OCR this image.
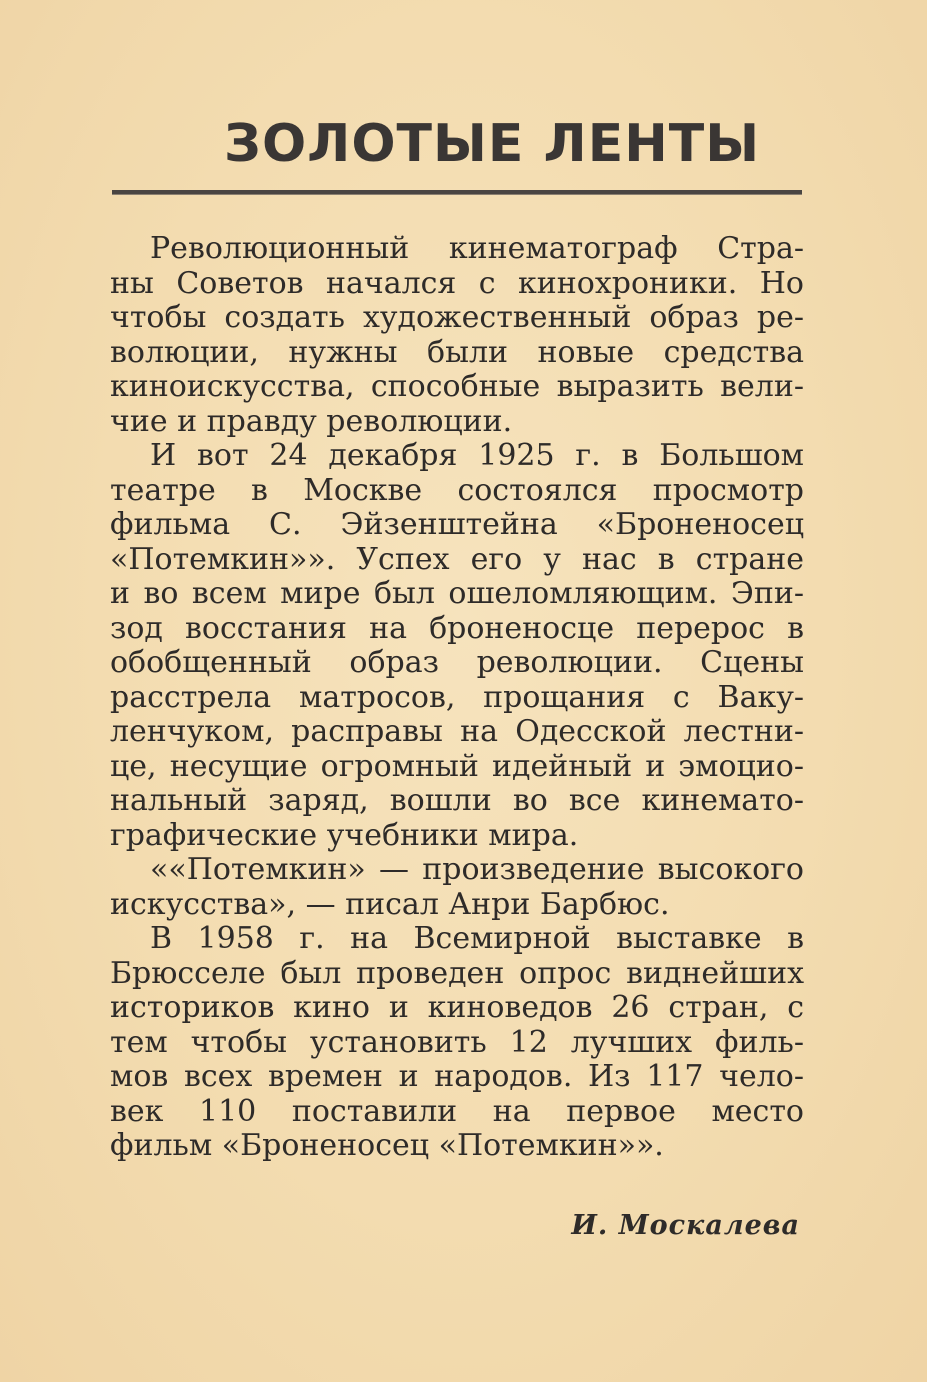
ЗОЛОТЫЕ ЛЕНТЫ
Революционный кинематограф Стра-
ны Советов начался с кинохроники. Но
чтобы создать художественный образ ре-
волюции, нужны были новые средства
киноискусства, способные выразить вели-
чие и правду революции.
И вот 24 декабря 1925 г. в Большом
театре в Москве состоялся просмотр
фильма С. Эйзенштейна «Броненосец
«Потемкин»». Успех его у нас в стране
и во всем мире был ошеломляющим. Эпи-
зод восстания на броненосце перерос в
обобщенный образ революции. Сцены
расстрела матросов, прощания с Ваку-
ленчуком, расправы на Одесской лестни-
це, несущие огромный идейный и эмоцио-
нальный заряд, вошли во все кинемато-
графические учебники мира.
««Потемкин» — произведение высокого
искусства», — писал Анри Барбюс.
В 1958 г. на Всемирной выставке в
Брюсселе был проведен опрос виднейших
историков кино и киноведов 26 стран, с
тем чтобы установить 12 лучших филь-
мов всех времен и народов. Из 117 чело-
век 110 поставили на первое место
фильм «Броненосец «Потемкин»».
И. Москалева
